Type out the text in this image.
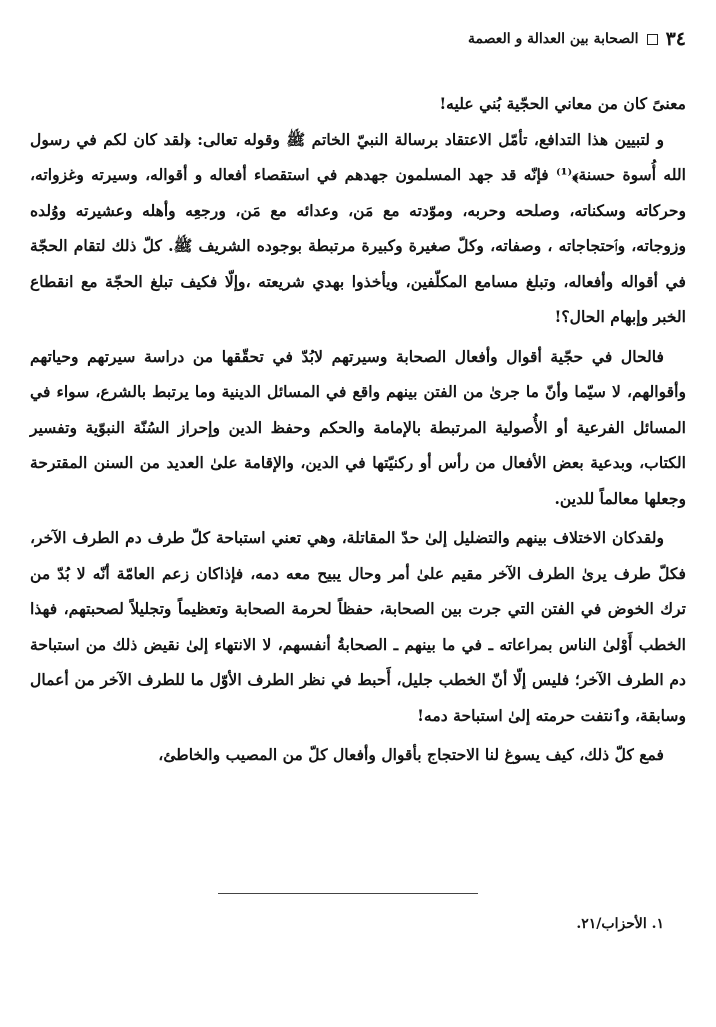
٣٤
الصحابة بين العدالة و العصمة

معنىً كان من معاني الحجّية بُني عليه!

و لتبيين هذا التدافع، تأمّل الاعتقاد برسالة النبيّ الخاتم ﷺ وقوله تعالى: ﴿لقد كان لكم في رسول الله أُسوة حسنة﴾⁽¹⁾ فإنّه قد جهد المسلمون جهدهم في استقصاء أفعاله و أقواله، وسيرته وغزواته، وحركاته وسكناته، وصلحه وحربه، وموّدته مع مَن، وعدائه مع مَن، ورجعِه وأهله وعشيرته ووُلده وزوجاته، وٱحتجاجاته ، وصفاته، وكلّ صغيرة وكبيرة مرتبطة بوجوده الشريف ﷺ. كلّ ذلك لتقام الحجّة في أقواله وأفعاله، وتبلغ مسامع المكلّفين، ويأخذوا بهدي شريعته ،وإلّا فكيف تبلغ الحجّة مع انقطاع الخبر وإبهام الحال؟!

فالحال في حجّية أقوال وأفعال الصحابة وسيرتهم لابُدّ في تحقّقها من دراسة سيرتهم وحياتهم وأقوالهم، لا سيّما وأنّ ما جرىٰ من الفتن بينهم واقع في المسائل الدينية وما يرتبط بالشرع، سواء في المسائل الفرعية أو الأُصولية المرتبطة بالإمامة والحكم وحفظ الدين وإحراز السُنّة النبوّية وتفسير الكتاب، وبدعية بعض الأفعال من رأس أو ركنيّتها في الدين، والإقامة علىٰ العديد من السنن المقترحة وجعلها معالماً للدين.

ولقدكان الاختلاف بينهم والتضليل إلىٰ حدّ المقاتلة، وهي تعني استباحة كلّ طرف دم الطرف الآخر، فكلّ طرف يرىٰ الطرف الآخر مقيم علىٰ أمر وحال يبيح معه دمه، فإذاكان زعم العامّة أنّه لا بُدّ من ترك الخوض في الفتن التي جرت بين الصحابة، حفظاً لحرمة الصحابة وتعظيماً وتجليلاً لصحبتهم، فهذا الخطب أَوْلىٰ الناس بمراعاته ـ في ما بينهم ـ الصحابةُ أنفسهم، لا الانتهاء إلىٰ نقيض ذلك من استباحة دم الطرف الآخر؛ فليس إلّا أنّ الخطب جليل، أَحبط في نظر الطرف الأوّل ما للطرف الآخر من أعمال وسابقة، وٱنتفت حرمته إلىٰ استباحة دمه!

فمع كلّ ذلك، كيف يسوغ لنا الاحتجاج بأقوال وأفعال كلّ من المصيب والخاطئ،

١. الأحزاب/٢١.
